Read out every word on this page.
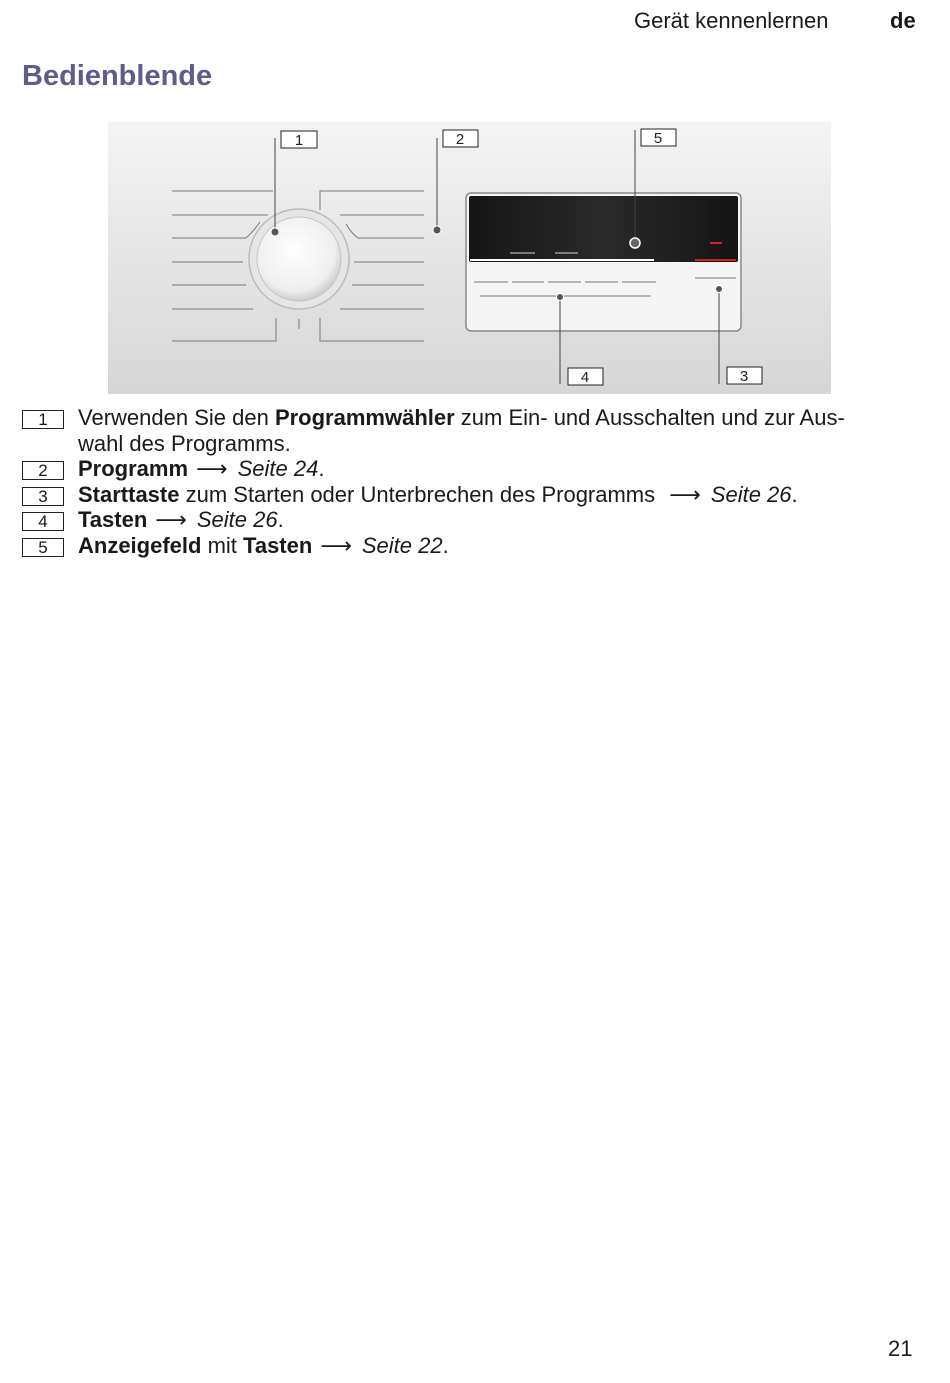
Gerät kennenlernen	de
Bedienblende
1	2	5
4	3
1	Verwenden Sie den Programmwähler zum Ein- und Ausschalten und zur Aus-
wahl des Programms.
2	Programm ⟶ Seite 24.
3	Starttaste zum Starten oder Unterbrechen des Programms ⟶ Seite 26.
4	Tasten ⟶ Seite 26.
5	Anzeigefeld mit Tasten ⟶ Seite 22.
21
